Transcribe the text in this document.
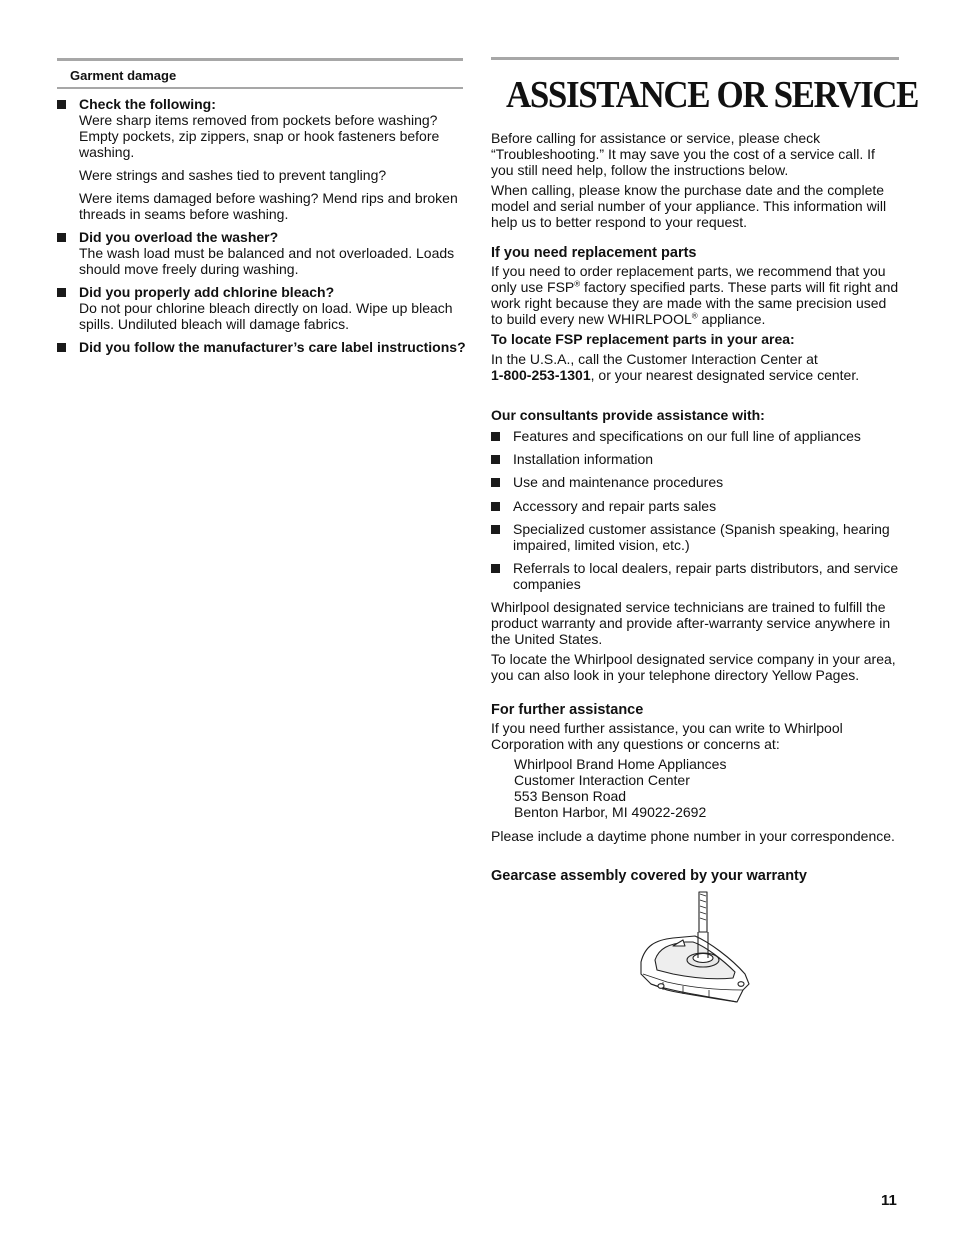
Garment damage

Check the following:

Were sharp items removed from pockets before washing? Empty pockets, zip zippers, snap or hook fasteners before washing.

Were strings and sashes tied to prevent tangling?

Were items damaged before washing? Mend rips and broken threads in seams before washing.

Did you overload the washer?

The wash load must be balanced and not overloaded. Loads should move freely during washing.

Did you properly add chlorine bleach?

Do not pour chlorine bleach directly on load. Wipe up bleach spills. Undiluted bleach will damage fabrics.

Did you follow the manufacturer’s care label instructions?

ASSISTANCE OR SERVICE

Before calling for assistance or service, please check “Troubleshooting.” It may save you the cost of a service call. If you still need help, follow the instructions below.

When calling, please know the purchase date and the complete model and serial number of your appliance. This information will help us to better respond to your request.

If you need replacement parts

If you need to order replacement parts, we recommend that you only use FSP® factory specified parts. These parts will fit right and work right because they are made with the same precision used to build every new WHIRLPOOL® appliance.

To locate FSP replacement parts in your area:

In the U.S.A., call the Customer Interaction Center at
1-800-253-1301, or your nearest designated service center.

Our consultants provide assistance with:

Features and specifications on our full line of appliances

Installation information

Use and maintenance procedures

Accessory and repair parts sales

Specialized customer assistance (Spanish speaking, hearing impaired, limited vision, etc.)

Referrals to local dealers, repair parts distributors, and service companies

Whirlpool designated service technicians are trained to fulfill the product warranty and provide after-warranty service anywhere in the United States.

To locate the Whirlpool designated service company in your area, you can also look in your telephone directory Yellow Pages.

For further assistance

If you need further assistance, you can write to Whirlpool Corporation with any questions or concerns at:

Whirlpool Brand Home Appliances

Customer Interaction Center

553 Benson Road

Benton Harbor, MI 49022-2692

Please include a daytime phone number in your correspondence.

Gearcase assembly covered by your warranty

11
